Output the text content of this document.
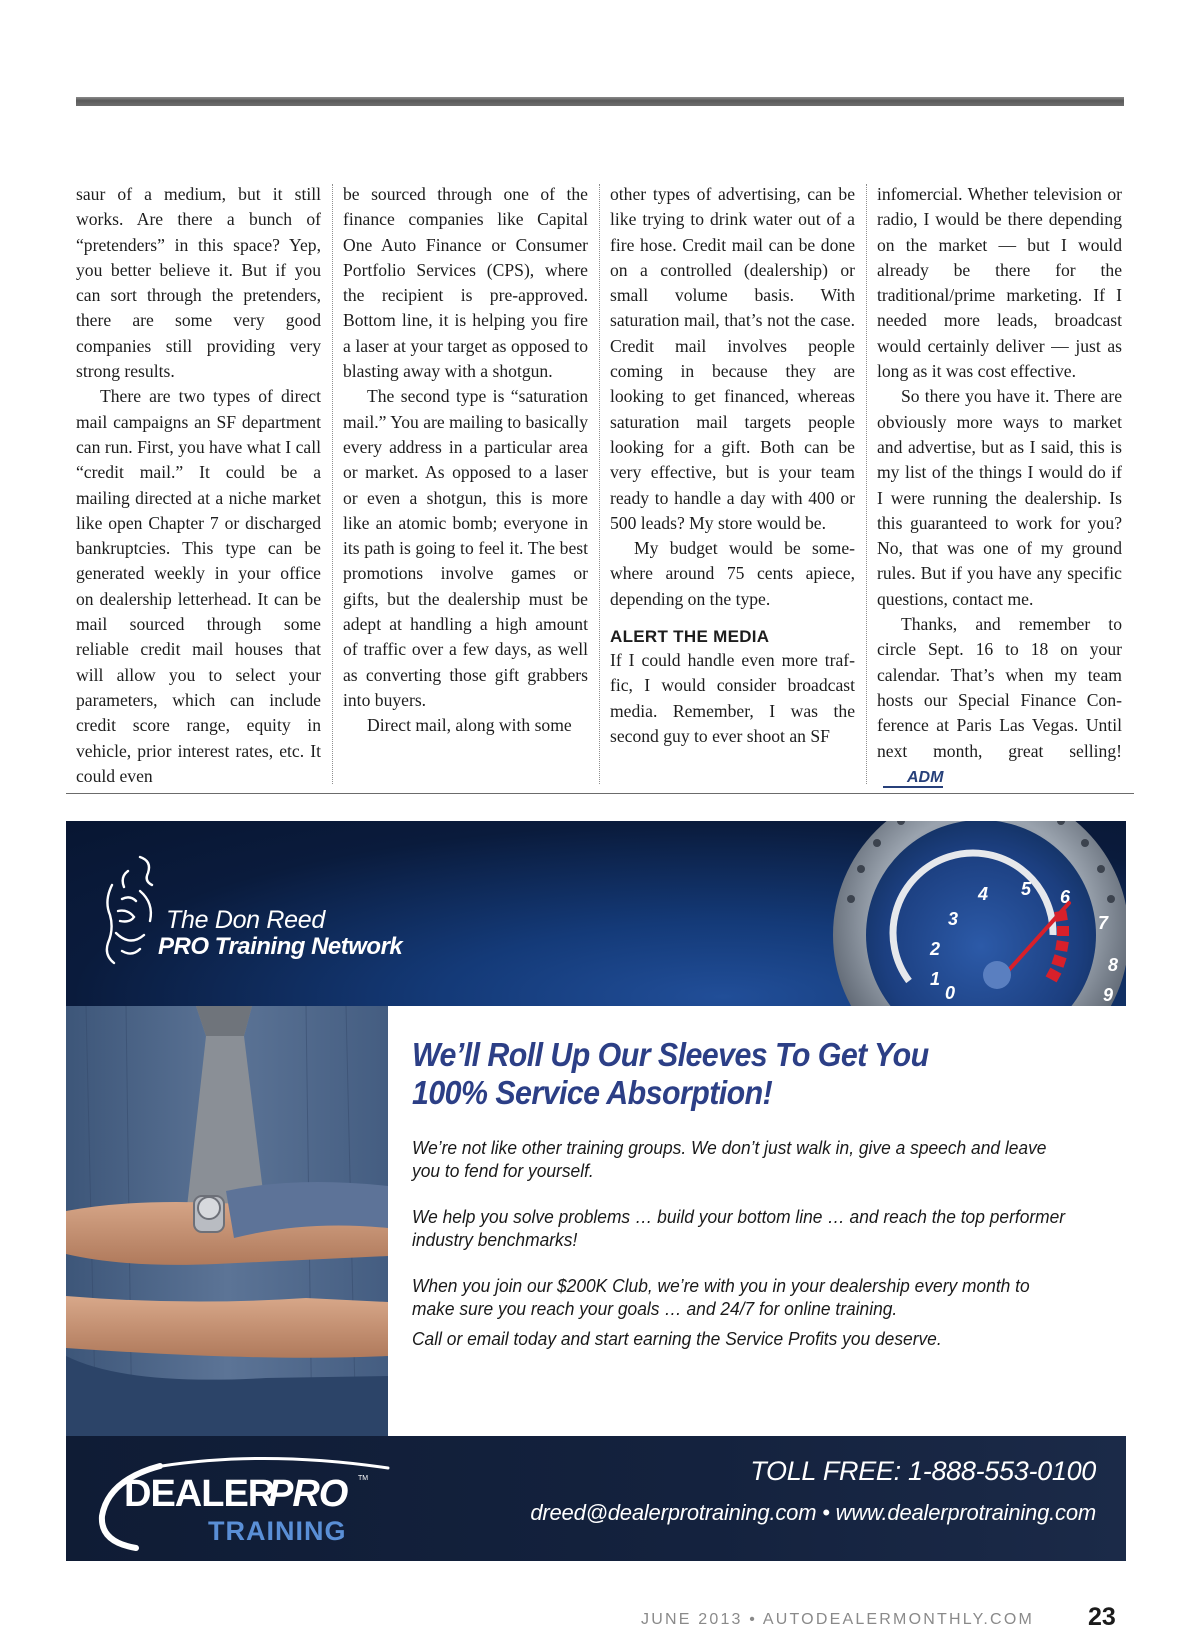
saur of a medium, but it still works. Are there a bunch of “pretenders” in this space? Yep, you better believe it. But if you can sort through the pretenders, there are some very good companies still providing very strong results.

There are two types of direct mail campaigns an SF department can run. First, you have what I call “credit mail.” It could be a mailing directed at a niche market like open Chapter 7 or discharged bankruptcies. This type can be generated weekly in your office on dealership letterhead. It can be mail sourced through some reliable credit mail houses that will allow you to select your parameters, which can include credit score range, equity in vehicle, prior interest rates, etc. It could even

be sourced through one of the finance companies like Capital One Auto Finance or Consumer Portfolio Services (CPS), where the recipient is pre-approved. Bottom line, it is helping you fire a laser at your target as opposed to blasting away with a shotgun.

The second type is “saturation mail.” You are mailing to basically every address in a particular area or market. As opposed to a laser or even a shotgun, this is more like an atomic bomb; everyone in its path is going to feel it. The best promotions involve games or gifts, but the dealership must be adept at handling a high amount of traffic over a few days, as well as converting those gift grabbers into buyers.

Direct mail, along with some

other types of advertising, can be like trying to drink water out of a fire hose. Credit mail can be done on a controlled (dealership) or small volume basis. With saturation mail, that’s not the case. Credit mail involves people coming in because they are looking to get financed, whereas saturation mail targets people looking for a gift. Both can be very effective, but is your team ready to handle a day with 400 or 500 leads? My store would be.

My budget would be somewhere around 75 cents apiece, depending on the type.

ALERT THE MEDIA

If I could handle even more traffic, I would consider broadcast media. Remember, I was the second guy to ever shoot an SF

infomercial. Whether television or radio, I would be there depending on the market — but I would already be there for the traditional/prime marketing. If I needed more leads, broadcast would certainly deliver — just as long as it was cost effective.

So there you have it. There are obviously more ways to market and advertise, but as I said, this is my list of the things I would do if I were running the dealership. Is this guaranteed to work for you? No, that was one of my ground rules. But if you have any specific questions, contact me.

Thanks, and remember to circle Sept. 16 to 18 on your calendar. That’s when my team hosts our Special Finance Conference at Paris Las Vegas. Until next month, great selling!ADM

The Don Reed
PRO Training Network
0
1
2
3
4 5 6
7
8
9
We’ll Roll Up Our Sleeves To Get You
100% Service Absorption!
We’re not like other training groups. We don’t just walk in, give a speech and leave you to fend for yourself.
We help you solve problems … build your bottom line … and reach the top performer industry benchmarks!
When you join our $200K Club, we’re with you in your dealership every month to make sure you reach your goals … and 24/7 for online training.
Call or email today and start earning the Service Profits you deserve.
DEALER
PRO TM
TRAINING
TOLL FREE: 1-888-553-0100
dreed@dealerprotraining.com • www.dealerprotraining.com
JUNE 2013 • AUTODEALERMONTHLY.COM 23
